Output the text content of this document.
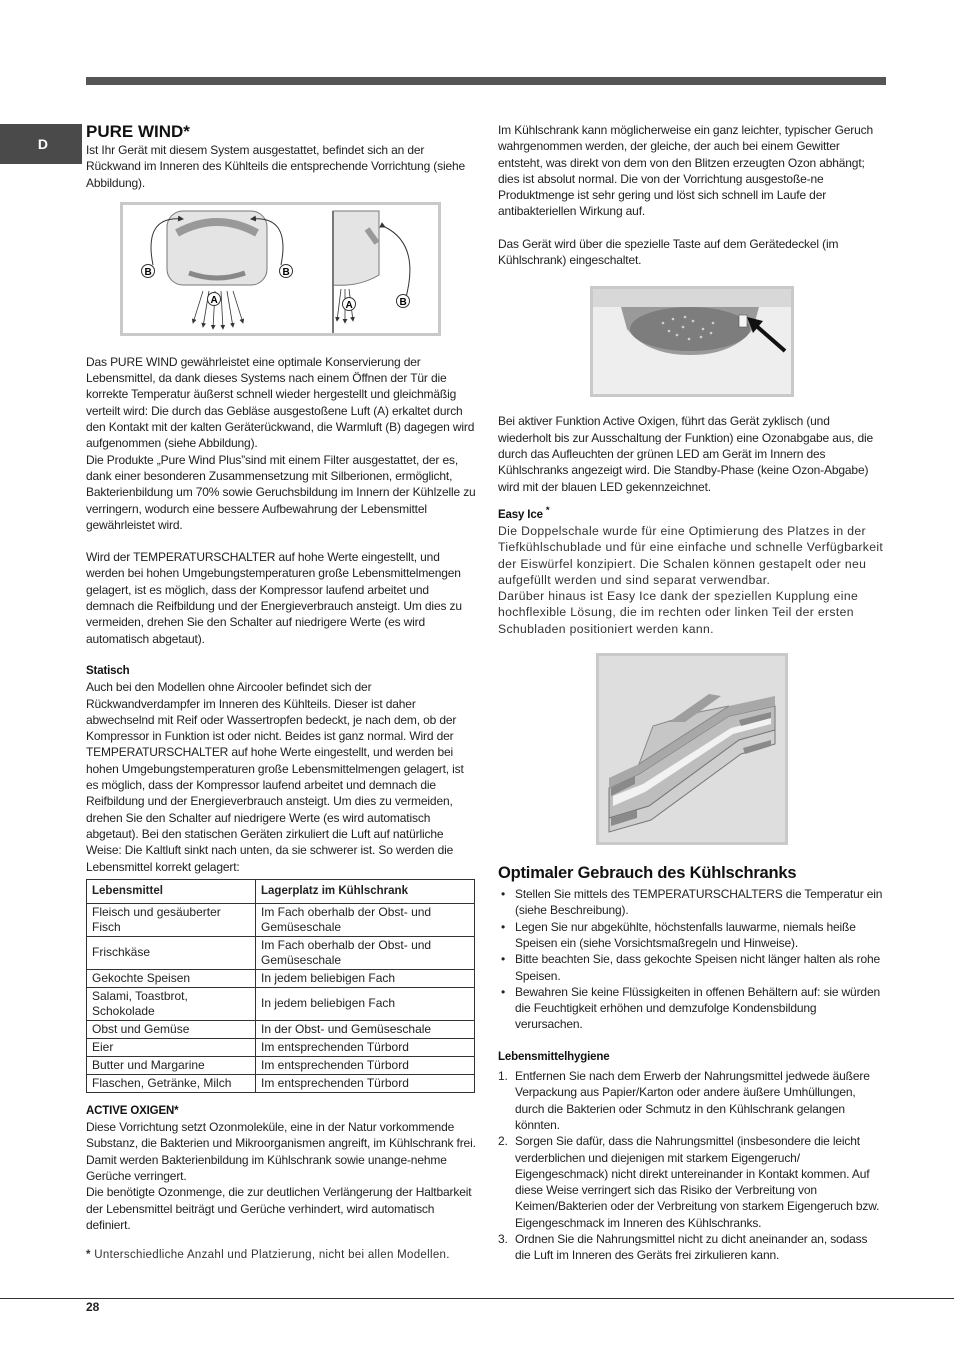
D
PURE WIND*

Ist Ihr Gerät mit diesem System ausgestattet, befindet sich an der Rückwand im Inneren des Kühlteils die entsprechende Vorrichtung (siehe Abbildung).

B	B
A	A	B

Das PURE WIND gewährleistet eine optimale Konservierung der Lebensmittel, da dank dieses Systems nach einem Öffnen der Tür die korrekte Temperatur äußerst schnell wieder hergestellt und gleichmäßig verteilt wird: Die durch das Gebläse ausgestoßene Luft (A) erkaltet durch den Kontakt mit der kalten Geräterückwand, die Warmluft (B) dagegen wird aufgenommen (siehe Abbildung).

Die Produkte „Pure Wind Plus”sind mit einem Filter ausgestattet, der es, dank einer besonderen Zusammensetzung mit Silberionen, ermöglicht, Bakterienbildung um 70% sowie Geruchsbildung im Innern der Kühlzelle zu verringern, wodurch eine bessere Aufbewahrung der Lebensmittel gewährleistet wird.

Wird der TEMPERATURSCHALTER auf hohe Werte eingestellt, und werden bei hohen Umgebungstemperaturen große Lebensmittelmengen gelagert, ist es möglich, dass der Kompressor laufend arbeitet und demnach die Reifbildung und der Energieverbrauch ansteigt. Um dies zu vermeiden, drehen Sie den Schalter auf niedrigere Werte (es wird automatisch abgetaut).

Statisch

Auch bei den Modellen ohne Aircooler befindet sich der Rückwandverdampfer im Inneren des Kühlteils. Dieser ist daher abwechselnd mit Reif oder Wassertropfen bedeckt, je nach dem, ob der Kompressor in Funktion ist oder nicht. Beides ist ganz normal. Wird der TEMPERATURSCHALTER auf hohe Werte eingestellt, und werden bei hohen Umgebungstemperaturen große Lebensmittelmengen gelagert, ist es möglich, dass der Kompressor laufend arbeitet und demnach die Reifbildung und der Energieverbrauch ansteigt. Um dies zu vermeiden, drehen Sie den Schalter auf niedrigere Werte (es wird automatisch abgetaut). Bei den statischen Geräten zirkuliert die Luft auf natürliche Weise: Die Kaltluft sinkt nach unten, da sie schwerer ist. So werden die Lebensmittel korrekt gelagert:

Lebensmittel	Lagerplatz im Kühlschrank
Fleisch und gesäuberter Fisch	Im Fach oberhalb der Obst- und Gemüseschale
Frischkäse	Im Fach oberhalb der Obst- und Gemüseschale
Gekochte Speisen	In jedem beliebigen Fach
Salami, Toastbrot, Schokolade	In jedem beliebigen Fach
Obst und Gemüse	In der Obst- und Gemüseschale
Eier	Im entsprechenden Türbord
Butter und Margarine	Im entsprechenden Türbord
Flaschen, Getränke, Milch	Im entsprechenden Türbord

ACTIVE OXIGEN*

Diese Vorrichtung setzt Ozonmoleküle, eine in der Natur vorkommende Substanz, die Bakterien und Mikroorganismen angreift, im Kühlschrank frei. Damit werden Bakterienbildung im Kühlschrank sowie unange-nehme Gerüche verringert.

Die benötigte Ozonmenge, die zur deutlichen Verlängerung der Haltbarkeit der Lebensmittel beiträgt und Gerüche verhindert, wird automatisch definiert.

* Unterschiedliche Anzahl und Platzierung, nicht bei allen Modellen.

Im Kühlschrank kann möglicherweise ein ganz leichter, typischer Geruch wahrgenommen werden, der gleiche, der auch bei einem Gewitter entsteht, was direkt von dem von den Blitzen erzeugten Ozon abhängt; dies ist absolut normal. Die von der Vorrichtung ausgestoße-ne Produktmenge ist sehr gering und löst sich schnell im Laufe der antibakteriellen Wirkung auf.

Das Gerät wird über die spezielle Taste auf dem Gerätedeckel (im Kühlschrank) eingeschaltet.

Bei aktiver Funktion Active Oxigen, führt das Gerät zyklisch (und wiederholt bis zur Ausschaltung der Funktion) eine Ozonabgabe aus, die durch das Aufleuchten der grünen LED am Gerät im Innern des Kühlschranks angezeigt wird. Die Standby-Phase (keine Ozon-Abgabe) wird mit der blauen LED gekennzeichnet.

Easy Ice *

Die Doppelschale wurde für eine Optimierung des Platzes in der Tiefkühlschublade und für eine einfache und schnelle Verfügbarkeit der Eiswürfel konzipiert. Die Schalen können gestapelt oder neu aufgefüllt werden und sind separat verwendbar.

Darüber hinaus ist Easy Ice dank der speziellen Kupplung eine hochflexible Lösung, die im rechten oder linken Teil der ersten Schubladen positioniert werden kann.

Optimaler Gebrauch des Kühlschranks
• Stellen Sie mittels des TEMPERATURSCHALTERS die Temperatur ein (siehe Beschreibung).
• Legen Sie nur abgekühlte, höchstenfalls lauwarme, niemals heiße Speisen ein (siehe Vorsichtsmaßregeln und Hinweise).
• Bitte beachten Sie, dass gekochte Speisen nicht länger halten als rohe Speisen.
• Bewahren Sie keine Flüssigkeiten in offenen Behältern auf: sie würden die Feuchtigkeit erhöhen und demzufolge Kondensbildung verursachen.

Lebensmittelhygiene

1. Entfernen Sie nach dem Erwerb der Nahrungsmittel jedwede äußere Verpackung aus Papier/Karton oder andere äußere Umhüllungen, durch die Bakterien oder Schmutz in den Kühlschrank gelangen könnten.
2. Sorgen Sie dafür, dass die Nahrungsmittel (insbesondere die leicht verderblichen und diejenigen mit starkem Eigengeruch/ Eigengeschmack) nicht direkt untereinander in Kontakt kommen. Auf diese Weise verringert sich das Risiko der Verbreitung von Keimen/Bakterien oder der Verbreitung von starkem Eigengeruch bzw. Eigengeschmack im Inneren des Kühlschranks.
3. Ordnen Sie die Nahrungsmittel nicht zu dicht aneinander an, sodass die Luft im Inneren des Geräts frei zirkulieren kann.
28
